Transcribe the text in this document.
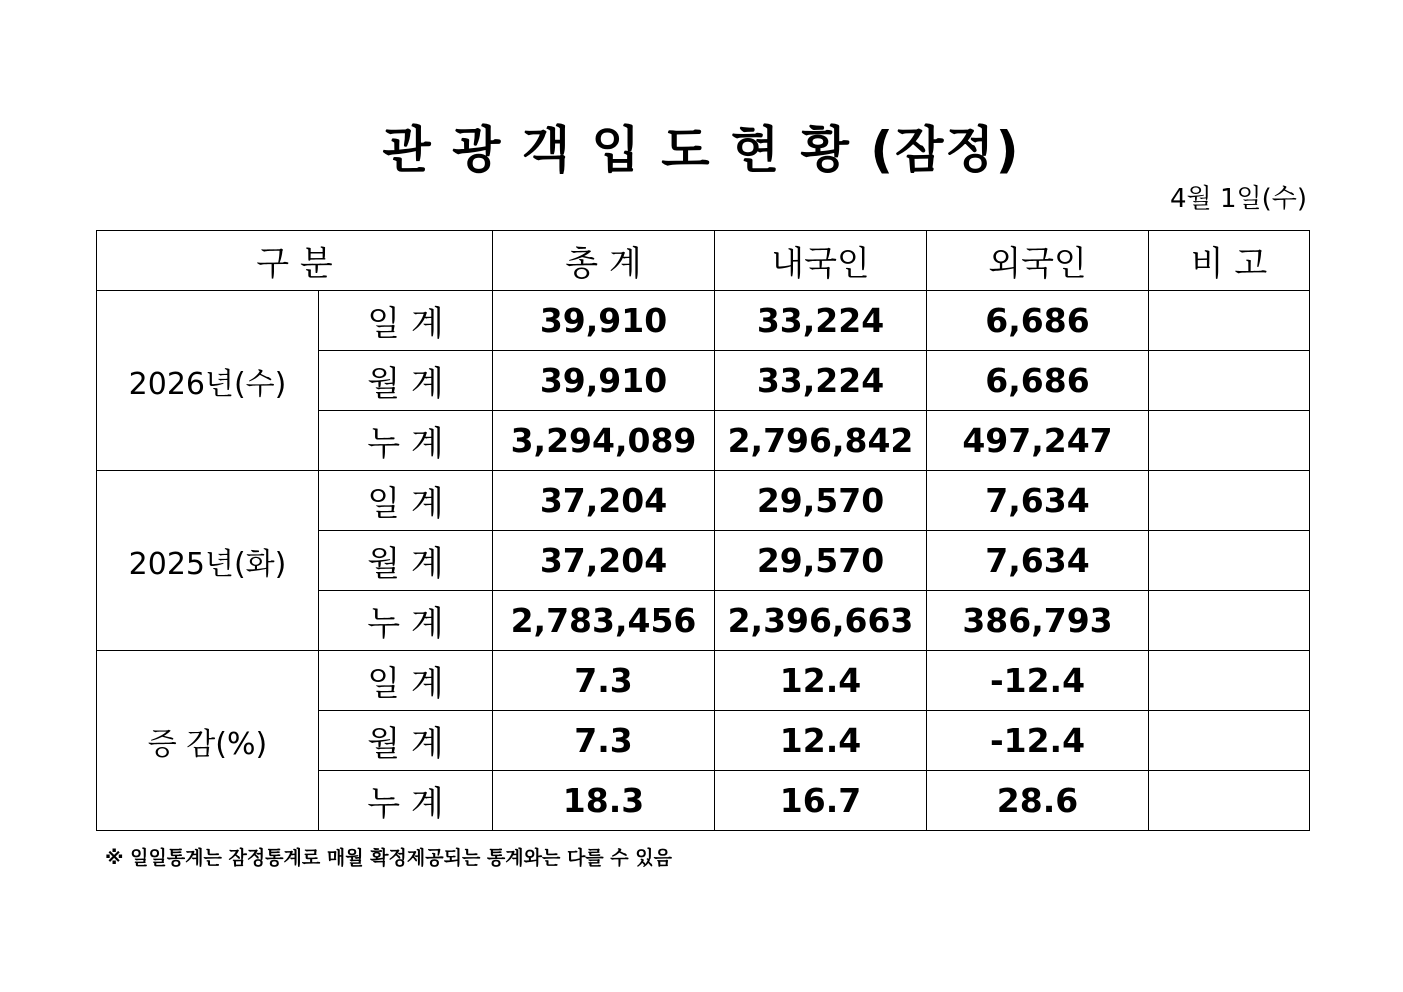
관 광 객 입 도 현 황 (잠정)
4월 1일(수)
구 분		총 계	내국인	외국인	비 고
2026년(수)	일 계	39,910	33,224	6,686	
	월 계	39,910	33,224	6,686	
	누 계	3,294,089	2,796,842	497,247	
2025년(화)	일 계	37,204	29,570	7,634	
	월 계	37,204	29,570	7,634	
	누 계	2,783,456	2,396,663	386,793	
증 감(%)	일 계	7.3	12.4	-12.4	
	월 계	7.3	12.4	-12.4	
	누 계	18.3	16.7	28.6	
※ 일일통계는 잠정통계로 매월 확정제공되는 통계와는 다를 수 있음
